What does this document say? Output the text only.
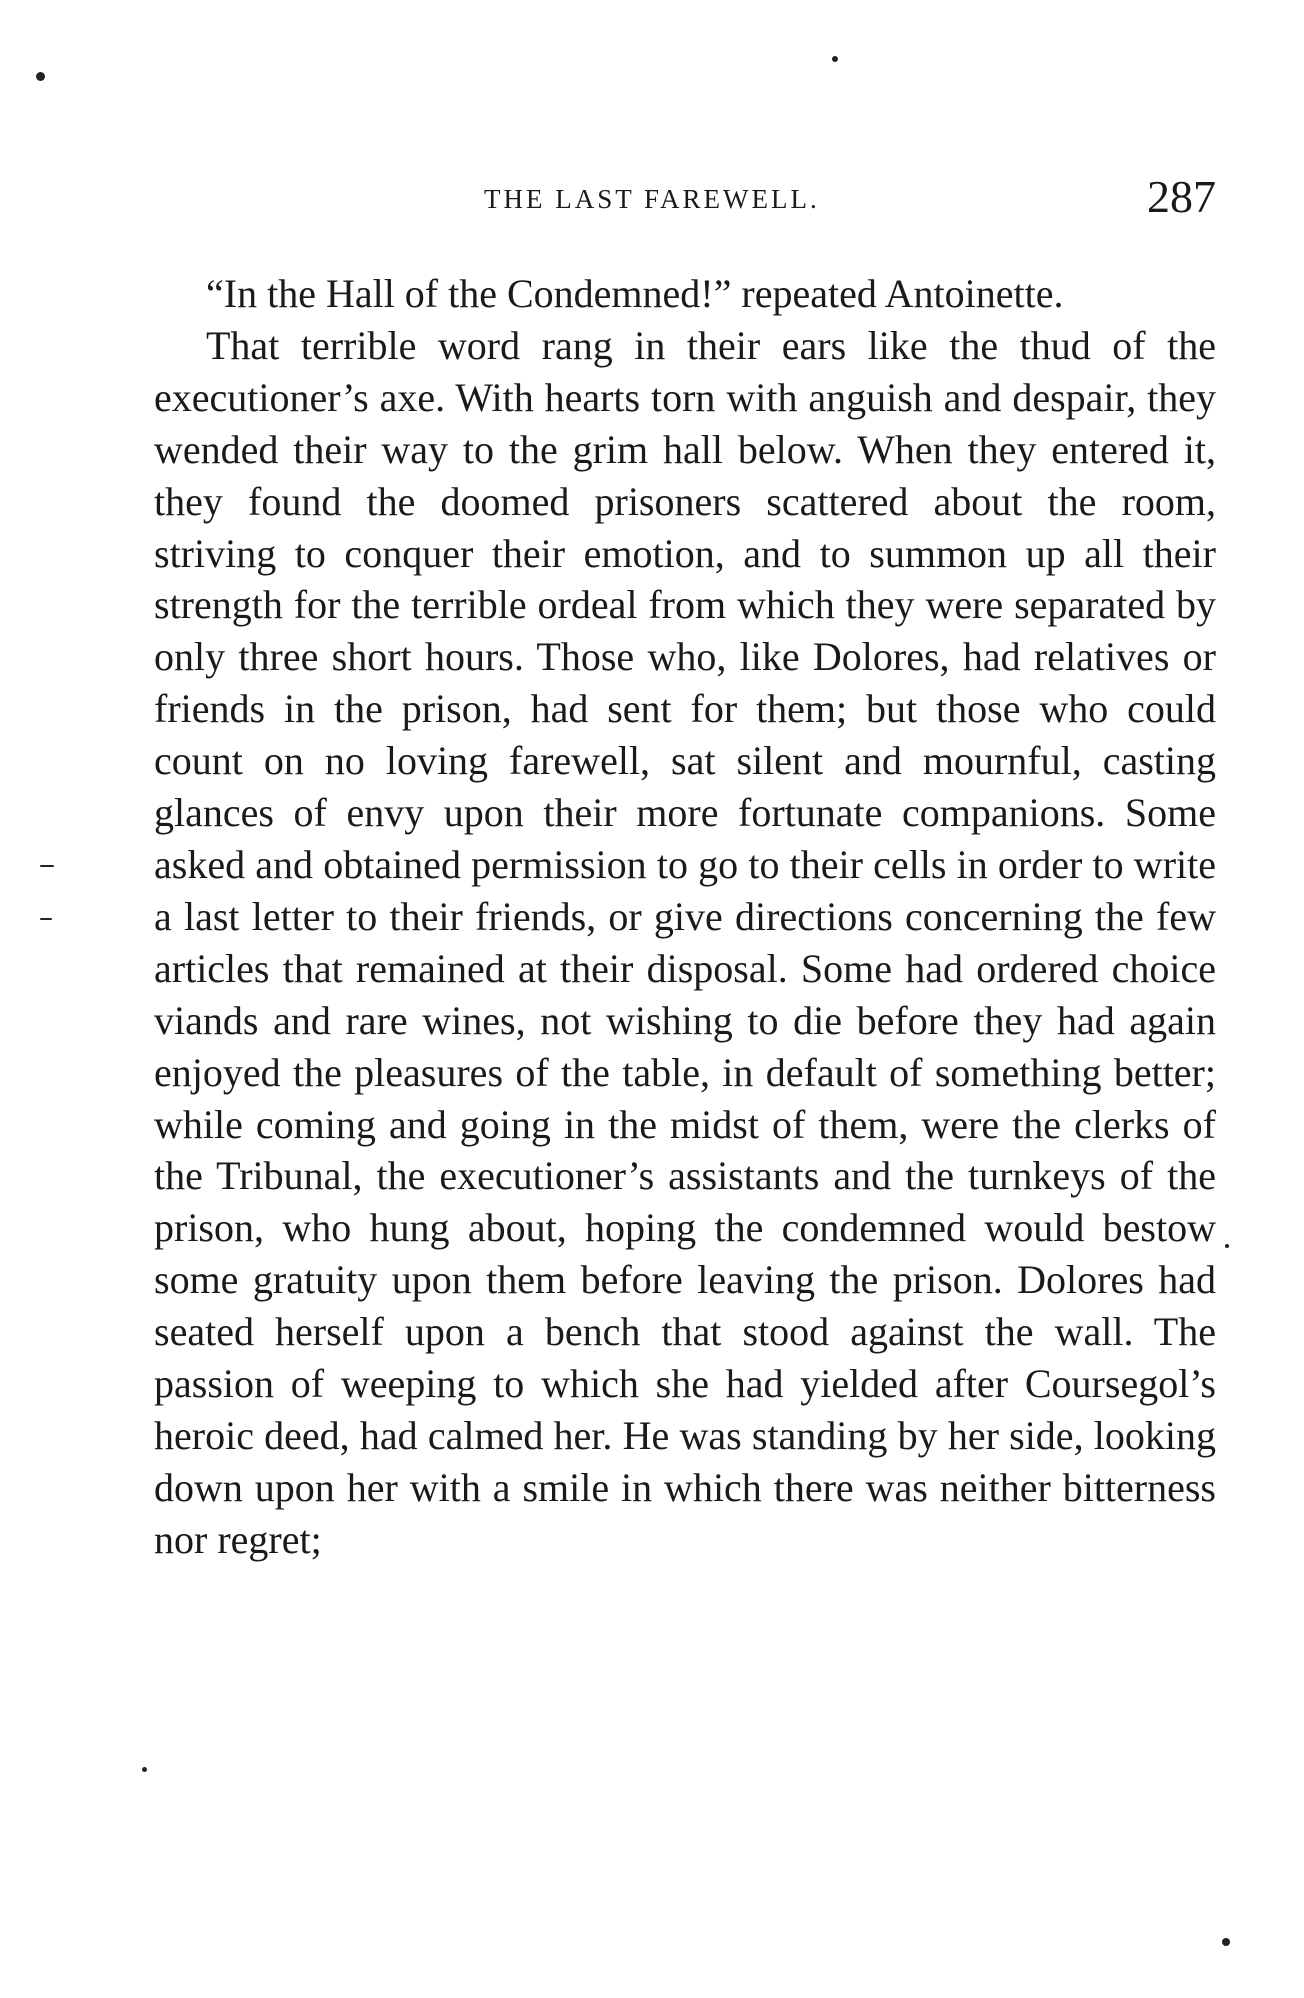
THE LAST FAREWELL.	287

“In the Hall of the Condemned!” repeated Antoinette.

That terrible word rang in their ears like the thud of the executioner’s axe. With hearts torn with anguish and despair, they wended their way to the grim hall below. When they entered it, they found the doomed prisoners scattered about the room, striving to conquer their emotion, and to summon up all their strength for the terrible ordeal from which they were separated by only three short hours. Those who, like Dolores, had relatives or friends in the prison, had sent for them; but those who could count on no loving farewell, sat silent and mournful, casting glances of envy upon their more fortunate companions. Some asked and obtained permission to go to their cells in order to write a last letter to their friends, or give directions concerning the few articles that remained at their disposal. Some had ordered choice viands and rare wines, not wishing to die before they had again enjoyed the pleasures of the table, in default of something better; while coming and going in the midst of them, were the clerks of the Tribunal, the executioner’s assistants and the turnkeys of the prison, who hung about, hoping the condemned would bestow some gratuity upon them before leaving the prison. Dolores had seated herself upon a bench that stood against the wall. The passion of weeping to which she had yielded after Coursegol’s heroic deed, had calmed her. He was standing by her side, looking down upon her with a smile in which there was neither bitterness nor regret;
